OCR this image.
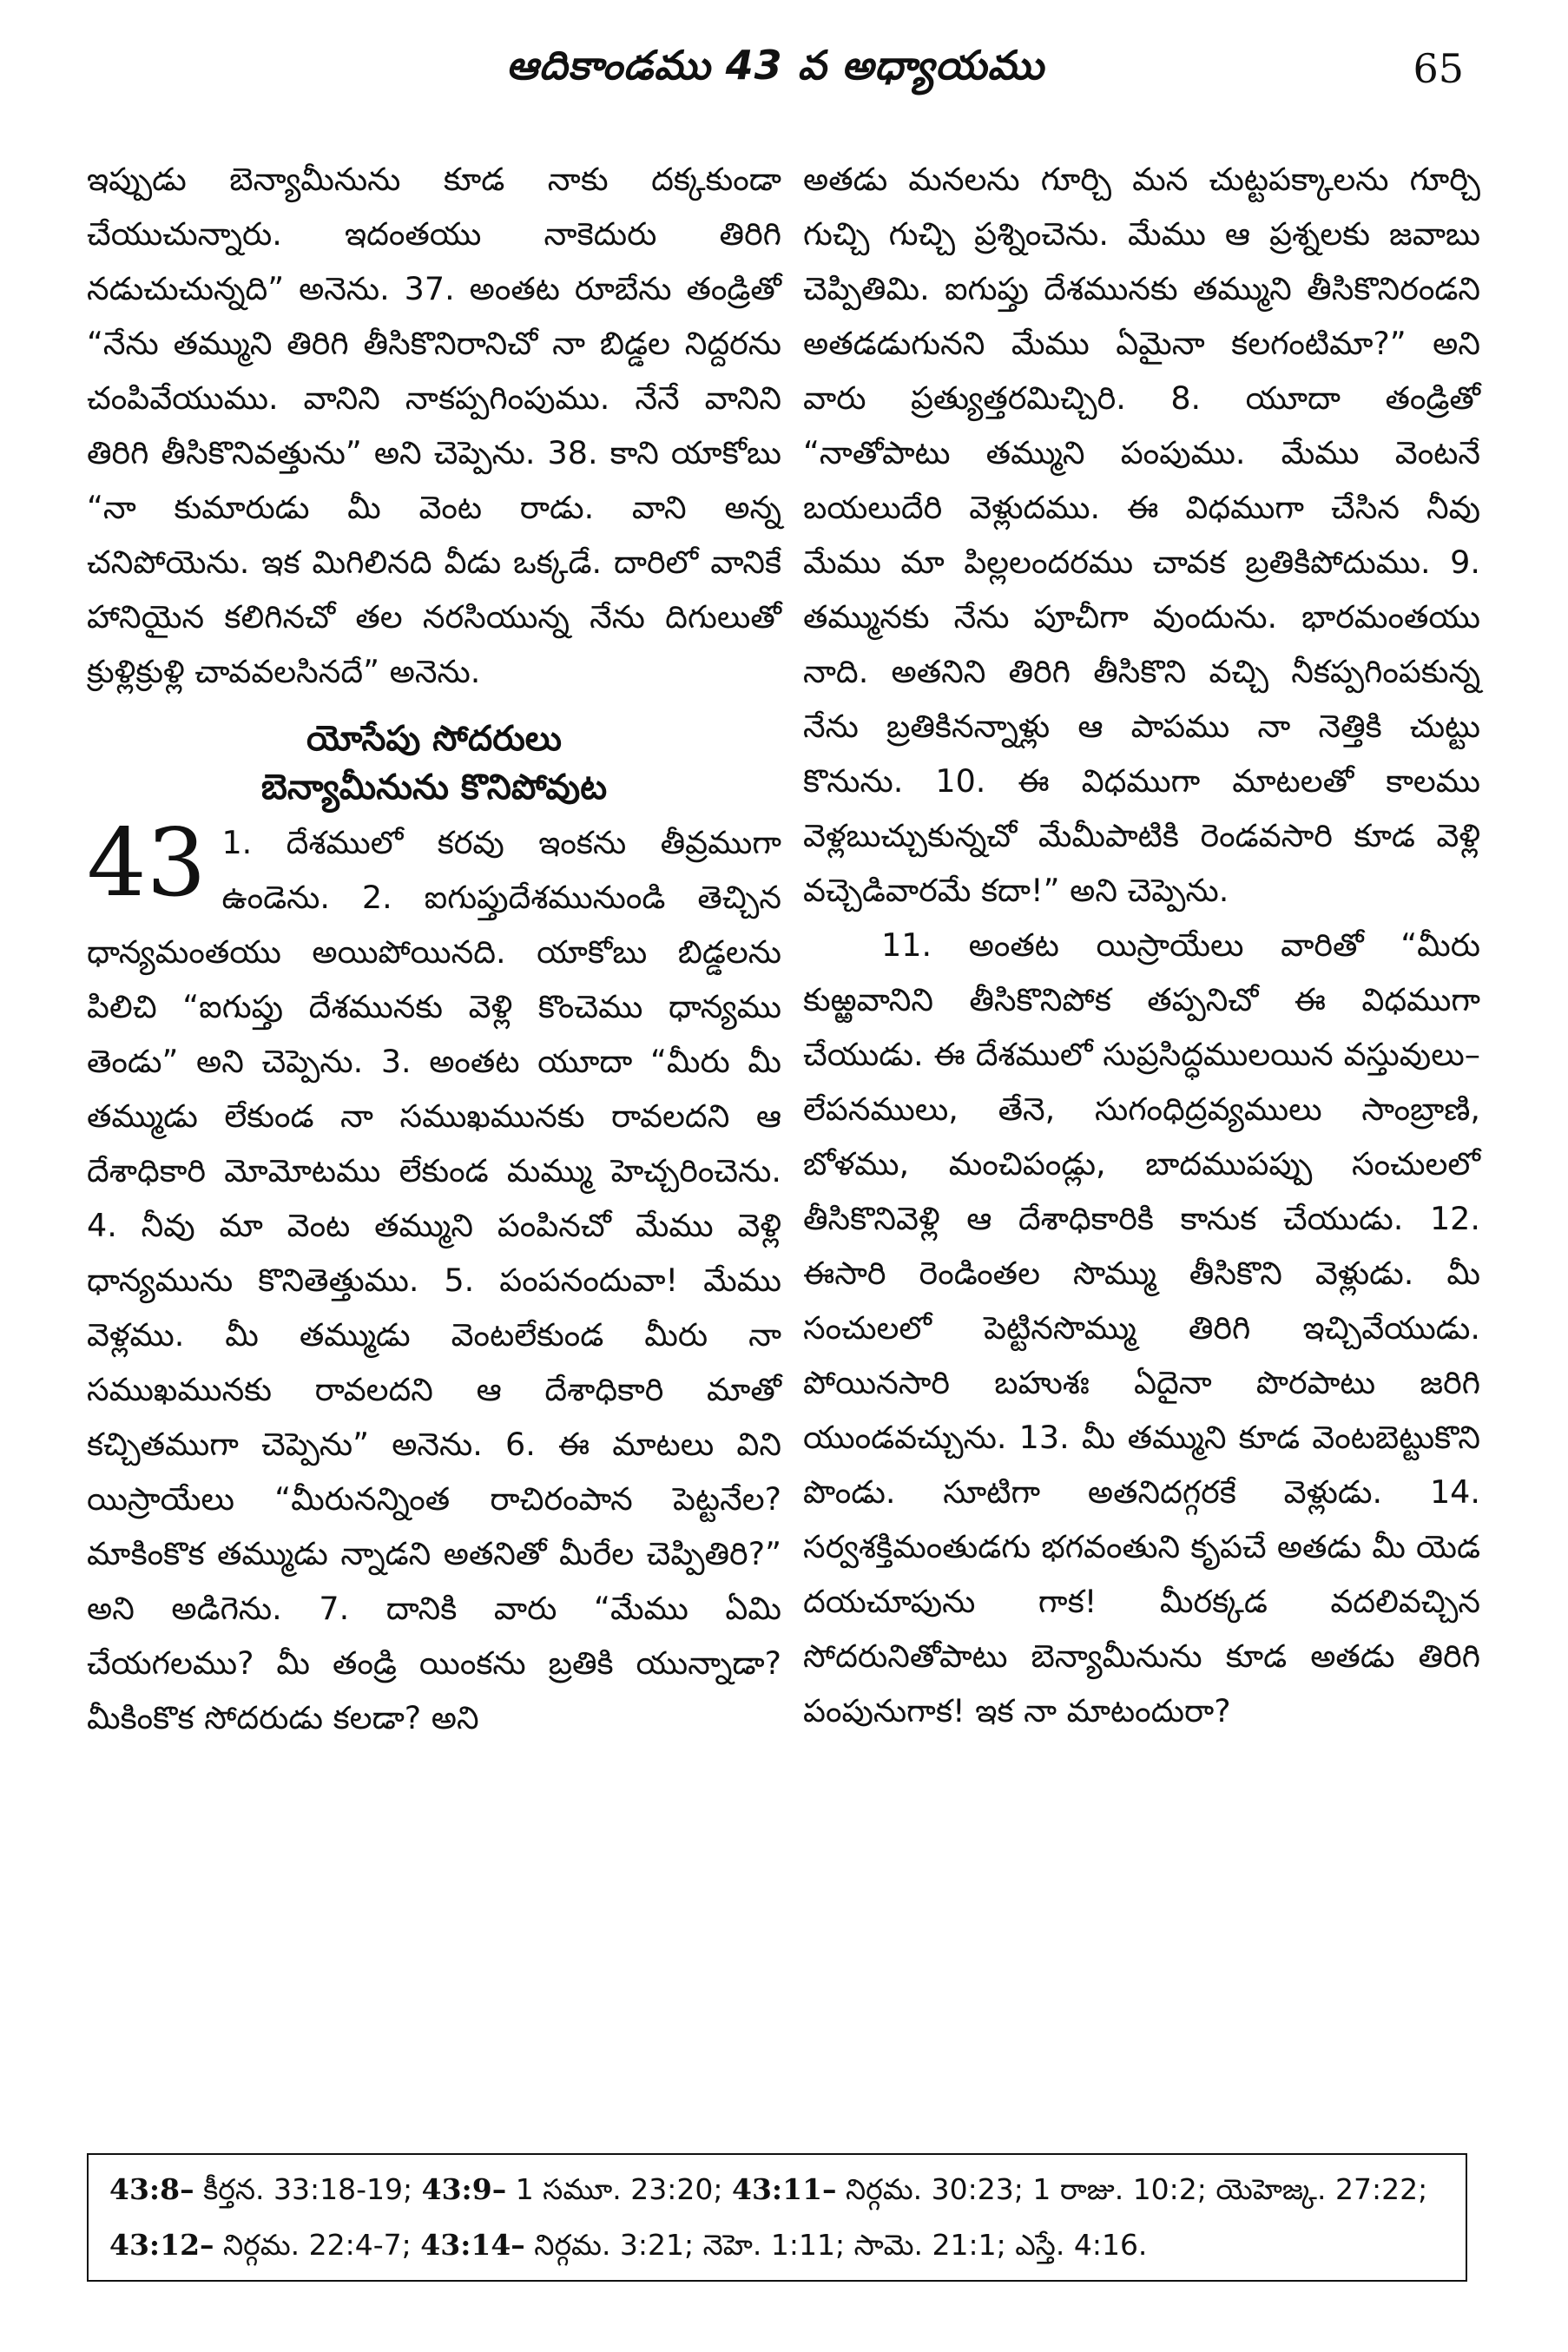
ఆదికాండము 43 వ అధ్యాయము	65

ఇప్పుడు బెన్యామీనును కూడ నాకు దక్కకుండా చేయుచున్నారు. ఇదంతయు నాకెదురు తిరిగి నడుచుచున్నది” అనెను. 37. అంతట రూబేను తండ్రితో “నేను తమ్ముని తిరిగి తీసికొనిరానిచో నా బిడ్డల నిద్దరను చంపివేయుము. వానిని నాకప్పగింపుము. నేనే వానిని తిరిగి తీసికొనివత్తును” అని చెప్పెను. 38. కాని యాకోబు “నా కుమారుడు మీ వెంట రాడు. వాని అన్న చనిపోయెను. ఇక మిగిలినది వీడు ఒక్కడే. దారిలో వానికే హానియైన కలిగినచో తల నరసియున్న నేను దిగులుతో క్రుళ్లిక్రుళ్లి చావవలసినదే” అనెను.

యోసేపు సోదరులు
బెన్యామీనును కొనిపోవుట
43 1. దేశములో కరవు ఇంకను తీవ్రముగా ఉండెను. 2. ఐగుప్తుదేశమునుండి తెచ్చిన ధాన్యమంతయు అయిపోయినది. యాకోబు బిడ్డలను పిలిచి “ఐగుప్తు దేశమునకు వెళ్లి కొంచెము ధాన్యము తెండు” అని చెప్పెను. 3. అంతట యూదా “మీరు మీ తమ్ముడు లేకుండ నా సముఖమునకు రావలదని ఆ దేశాధికారి మోమోటము లేకుండ మమ్ము హెచ్చరించెను. 4. నీవు మా వెంట తమ్ముని పంపినచో మేము వెళ్లి ధాన్యమును కొనితెత్తుము. 5. పంపనందువా! మేము వెళ్లము. మీ తమ్ముడు వెంటలేకుండ మీరు నా సముఖమునకు రావలదని ఆ దేశాధికారి మాతో కచ్చితముగా చెప్పెను” అనెను. 6. ఈ మాటలు విని యిస్రాయేలు “మీరునన్నింత రాచిరంపాన పెట్టనేల? మాకింకొక తమ్ముడు న్నాడని అతనితో మీరేల చెప్పితిరి?” అని అడిగెను. 7. దానికి వారు “మేము ఏమి చేయగలము? మీ తండ్రి యింకను బ్రతికి యున్నాడా? మీకింకొక సోదరుడు కలడా? అని

అతడు మనలను గూర్చి మన చుట్టపక్కాలను గూర్చి గుచ్చి గుచ్చి ప్రశ్నించెను. మేము ఆ ప్రశ్నలకు జవాబు చెప్పితిమి. ఐగుప్తు దేశమునకు తమ్ముని తీసికొనిరండని అతడడుగునని మేము ఏమైనా కలగంటిమా?” అని వారు ప్రత్యుత్తరమిచ్చిరి. 8. యూదా తండ్రితో “నాతోపాటు తమ్ముని పంపుము. మేము వెంటనే బయలుదేరి వెళ్లుదము. ఈ విధముగా చేసిన నీవు మేము మా పిల్లలందరము చావక బ్రతికిపోదుము. 9. తమ్మునకు నేను పూచీగా వుందును. భారమంతయు నాది. అతనిని తిరిగి తీసికొని వచ్చి నీకప్పగింపకున్న నేను బ్రతికినన్నాళ్లు ఆ పాపము నా నెత్తికి చుట్టు కొనును. 10. ఈ విధముగా మాటలతో కాలము వెళ్లబుచ్చుకున్నచో మేమీపాటికి రెండవసారి కూడ వెళ్లి వచ్చెడివారమే కదా!” అని చెప్పెను.

11. అంతట యిస్రాయేలు వారితో “మీరు కుఱ్ఱవానిని తీసికొనిపోక తప్పనిచో ఈ విధముగా చేయుడు. ఈ దేశములో సుప్రసిద్ధములయిన వస్తువులు–లేపనములు, తేనె, సుగంధిద్రవ్యములు సాంబ్రాణి, బోళము, మంచిపండ్లు, బాదముపప్పు సంచులలో తీసికొనివెళ్లి ఆ దేశాధికారికి కానుక చేయుడు. 12. ఈసారి రెండింతల సొమ్ము తీసికొని వెళ్లుడు. మీ సంచులలో పెట్టినసొమ్ము తిరిగి ఇచ్చివేయుడు. పోయినసారి బహుశః ఏదైనా పొరపాటు జరిగి యుండవచ్చును. 13. మీ తమ్ముని కూడ వెంటబెట్టుకొని పొండు. సూటిగా అతనిదగ్గరకే వెళ్లుడు. 14. సర్వశక్తిమంతుడగు భగవంతుని కృపచే అతడు మీ యెడ దయచూపును గాక! మీరక్కడ వదలివచ్చిన సోదరునితోపాటు బెన్యామీనును కూడ అతడు తిరిగి పంపునుగాక! ఇక నా మాటందురా?

43:8– కీర్తన. 33:18-19; 43:9– 1 సమూ. 23:20; 43:11– నిర్గమ. 30:23; 1 రాజు. 10:2; యెహెజ్క. 27:22; 43:12– నిర్గమ. 22:4-7; 43:14– నిర్గమ. 3:21; నెహె. 1:11; సామె. 21:1; ఎస్తే. 4:16.
